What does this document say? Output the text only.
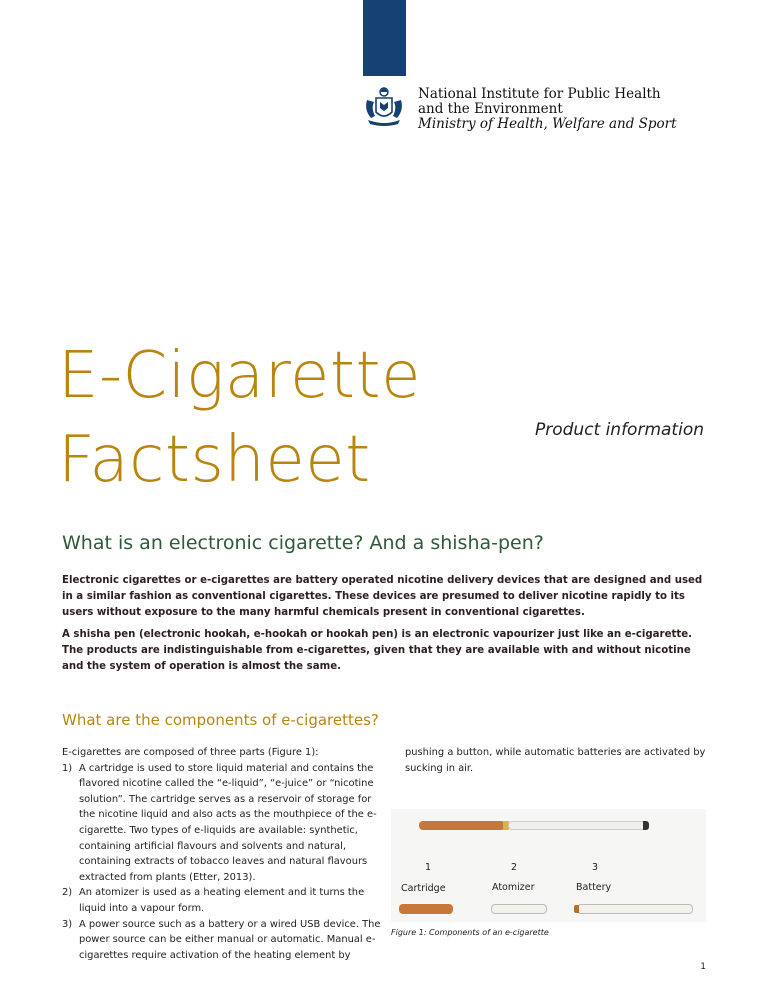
National Institute for Public Health
and the Environment
Ministry of Health, Welfare and Sport
E-Cigarette
Factsheet	Product information
What is an electronic cigarette? And a shisha-pen?

Electronic cigarettes or e-cigarettes are battery operated nicotine delivery devices that are designed and used in a similar fashion as conventional cigarettes. These devices are presumed to deliver nicotine rapidly to its users without exposure to the many harmful chemicals present in conventional cigarettes.

A shisha pen (electronic hookah, e-hookah or hookah pen) is an electronic vapourizer just like an e-cigarette. The products are indistinguishable from e-cigarettes, given that they are available with and without nicotine and the system of operation is almost the same.

What are the components of e-cigarettes?
E-cigarettes are composed of three parts (Figure 1):
1) A cartridge is used to store liquid material and contains the flavored nicotine called the “e-liquid”, “e-juice” or “nicotine solution”. The cartridge serves as a reservoir of storage for the nicotine liquid and also acts as the mouthpiece of the e-cigarette. Two types of e-liquids are available: synthetic, containing artificial flavours and solvents and natural, containing extracts of tobacco leaves and natural flavours extracted from plants (Etter, 2013).
2) An atomizer is used as a heating element and it turns the liquid into a vapour form.
3) A power source such as a battery or a wired USB device. The power source can be either manual or automatic. Manual e-cigarettes require activation of the heating element by

pushing a button, while automatic batteries are activated by sucking in air.

1	2	3
Cartridge	Atomizer	Battery
Figure 1: Components of an e-cigarette
1
